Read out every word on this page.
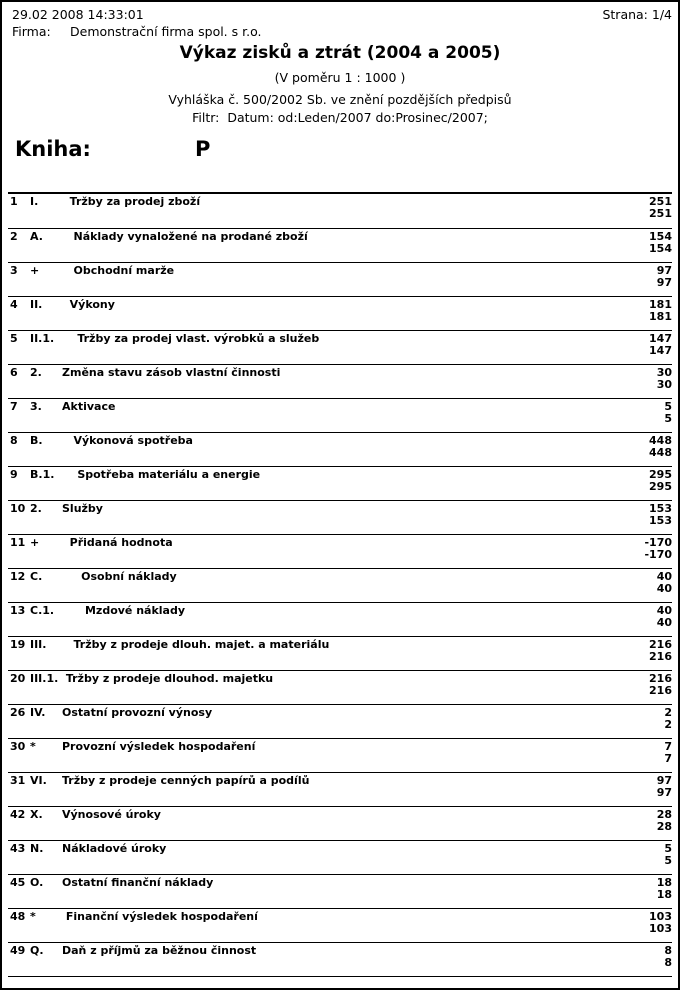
29.02 2008 14:33:01	Strana: 1/4
Firma: Demonstrační firma spol. s r.o.
Výkaz zisků a ztrát (2004 a 2005)
(V poměru 1 : 1000 )
Vyhláška č. 500/2002 Sb. ve znění pozdějších předpisů
Filtr:  Datum: od:Leden/2007 do:Prosinec/2007;
Kniha:	P
1	I.	Tržby za prodej zboží	251
251
2	A.	Náklady vynaložené na prodané zboží	154
154
3	+	Obchodní marže	97
97
4	II.	Výkony	181
181
5	II.1. Tržby za prodej vlast. výrobků a služeb	147
147
6	2.	Změna stavu zásob vlastní činnosti	30
30
7	3.	Aktivace	5
5
8	B.	Výkonová spotřeba	448
448
9	B.1. Spotřeba materiálu a energie	295
295
10 2.	Služby	153
153
11 +	Přidaná hodnota	-170
-170
12 C.	Osobní náklady	40
40
13 C.1. Mzdové náklady	40
40
19 III.	Tržby z prodeje dlouh. majet. a materiálu	216
216
20 III.1. Tržby z prodeje dlouhod. majetku	216
216
26 IV.	Ostatní provozní výnosy	2
2
30 *	Provozní výsledek hospodaření	7
7
31 VI.	Tržby z prodeje cenných papírů a podílů	97
97
42 X.	Výnosové úroky	28
28
43 N.	Nákladové úroky	5
5
45 O.	Ostatní finanční náklady	18
18
48 *	Finanční výsledek hospodaření	103
103
49 Q.	Daň z příjmů za běžnou činnost	8
8
